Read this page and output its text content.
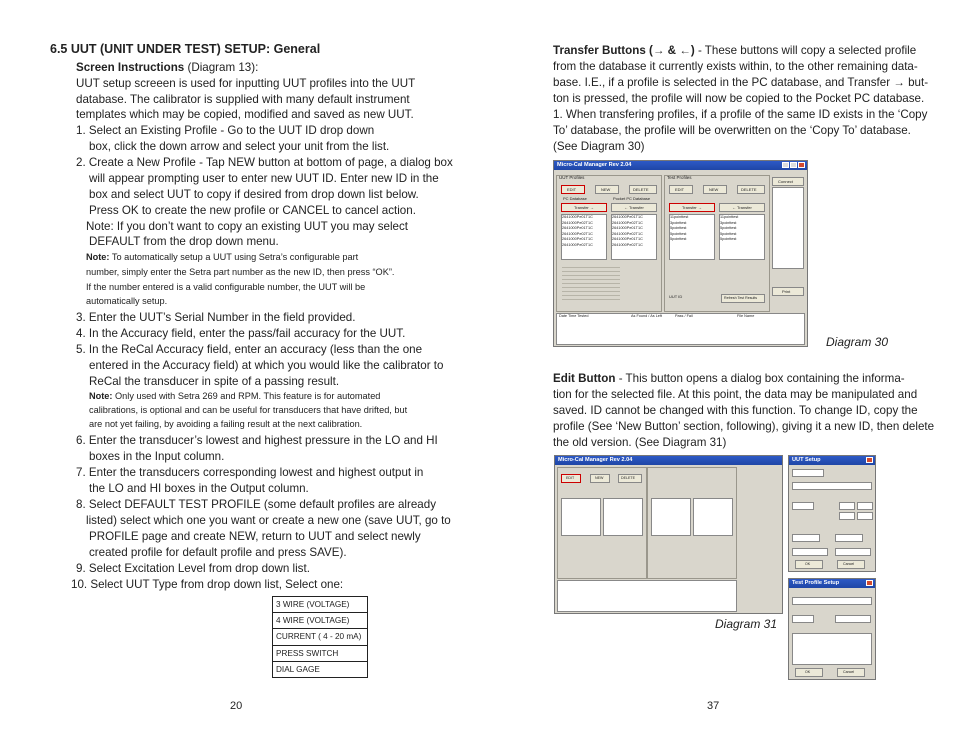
6.5 UUT (UNIT UNDER TEST) SETUP: General
Screen Instructions (Diagram 13):
UUT setup screeen is used for inputting UUT profiles into the UUT
database. The calibrator is supplied with many default instrument
templates which may be copied, modified and saved as new UUT.
1. Select an Existing Profile - Go to the UUT ID drop down
box, click the down arrow and select your unit from the list.
2. Create a New Profile - Tap NEW button at bottom of page, a dialog box
will appear prompting user to enter new UUT ID. Enter new ID in the
box and select UUT to copy if desired from drop down list below.
Press OK to create the new profile or CANCEL to cancel action.
Note: If you don’t want to copy an existing UUT you may select
DEFAULT from the drop down menu.
Note: To automatically setup a UUT using Setra’s configurable part
number, simply enter the Setra part number as the new ID, then press “OK”.
If the number entered is a valid configurable number, the UUT will be
automatically setup.
3. Enter the UUT’s Serial Number in the field provided.
4. In the Accuracy field, enter the pass/fail accuracy for the UUT.
5. In the ReCal Accuracy field, enter an accuracy (less than the one
entered in the Accuracy field) at which you would like the calibrator to
ReCal the transducer in spite of a passing result.
Note: Only used with Setra 269 and RPM. This feature is for automated
calibrations, is optional and can be useful for transducers that have drifted, but
are not yet failing, by avoiding a failing result at the next calibration.
6. Enter the transducer’s lowest and highest pressure in the LO and HI
boxes in the Input column.
7. Enter the transducers corresponding lowest and highest output in
the LO and HI boxes in the Output column.
8. Select DEFAULT TEST PROFILE (some default profiles are already
listed) select which one you want or create a new one (save UUT, go to
PROFILE page and create NEW, return to UUT and select newly
created profile for default profile and press SAVE).
9. Select Excitation Level from drop down list.
10. Select UUT Type from drop down list, Select one:
3 WIRE (VOLTAGE)
4 WIRE (VOLTAGE)
CURRENT ( 4 - 20 mA)
PRESS SWITCH
DIAL GAGE
20
Transfer Buttons (→ & ←) - These buttons will copy a selected profile
from the database it currently exists within, to the other remaining data-
base. I.E., if a profile is selected in the PC database, and Transfer → but-
ton is pressed, the profile will now be copied to the Pocket PC database.
1. When transfering profiles, if a profile of the same ID exists in the ‘Copy
To’ database, the profile will be overwritten on the ‘Copy To’ database.
(See Diagram 30)
Micro-Cal Manager Rev 2.04
UUT Profiles
EDIT	NEW	DELETE
PC Database	Pocket PC Database
Transfer →	← Transfer
2641000Pe01T1C
2641000Pe02T1C
2641000Pe01T1C
2641000Pe02T1C
2641000Pe01T1C
2641000Pe02T1C
2641000Pe01T1C
2641000Pe02T1C
2641000Pe01T1C
2641000Pe02T1C
2641000Pe01T1C
2641000Pe02T1C
Test Profiles
EDIT	NEW	DELETE
Transfer →	← Transfer
11pointtest
3pointtest
5pointtest
5pointtest
5pointtest
11pointtest
3pointtest
5pointtest
5pointtest
5pointtest
UUT ID	Refresh Test Results
Connect
Print
Date Time Tested	As Found / As Left	Pass / Fail	File Name
Diagram 30
Edit Button - This button opens a dialog box containing the informa-
tion for the selected file. At this point, the data may be manipulated and
saved. ID cannot be changed with this function. To change ID, copy the
profile (See ‘New Button’ section, following), giving it a new ID, then delete
the old version. (See Diagram 31)
Micro-Cal Manager Rev 2.04
EDIT	NEW	DELETE
UUT Setup
OK	Cancel
Test Profile Setup
OK	Cancel
Diagram 31
37
